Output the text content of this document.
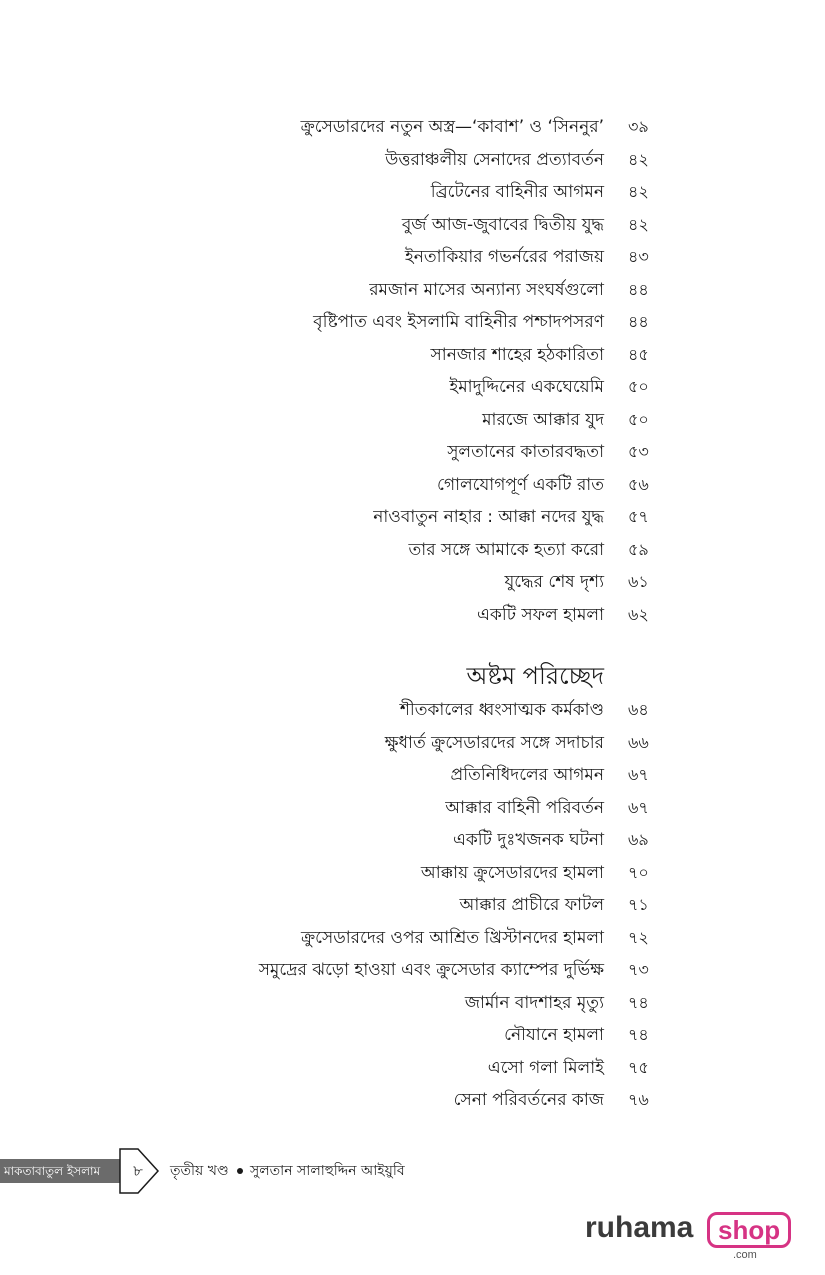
ক্রুসেডারদের নতুন অস্ত্র—‘কাবাশ’ ও ‘সিননুর’ ৩৯
উত্তরাঞ্চলীয় সেনাদের প্রত্যাবর্তন ৪২
ব্রিটেনের বাহিনীর আগমন ৪২
বুর্জ আজ-জুবাবের দ্বিতীয় যুদ্ধ ৪২
ইনতাকিয়ার গভর্নরের পরাজয় ৪৩
রমজান মাসের অন্যান্য সংঘর্ষগুলো ৪৪
বৃষ্টিপাত এবং ইসলামি বাহিনীর পশ্চাদপসরণ ৪৪
সানজার শাহের হঠকারিতা ৪৫
ইমাদুদ্দিনের একঘেয়েমি ৫০
মারজে আক্কার যুদ ৫০
সুলতানের কাতারবদ্ধতা ৫৩
গোলযোগপূর্ণ একটি রাত ৫৬
নাওবাতুন নাহার : আক্কা নদের যুদ্ধ ৫৭
তার সঙ্গে আমাকে হত্যা করো ৫৯
যুদ্ধের শেষ দৃশ্য ৬১
একটি সফল হামলা ৬২
অষ্টম পরিচ্ছেদ
শীতকালের ধ্বংসাত্মক কর্মকাণ্ড ৬৪
ক্ষুধার্ত ক্রুসেডারদের সঙ্গে সদাচার ৬৬
প্রতিনিধিদলের আগমন ৬৭
আক্কার বাহিনী পরিবর্তন ৬৭
একটি দুঃখজনক ঘটনা ৬৯
আক্কায় ক্রুসেডারদের হামলা ৭০
আক্কার প্রাচীরে ফাটল ৭১
ক্রুসেডারদের ওপর আশ্রিত খ্রিস্টানদের হামলা ৭২
সমুদ্রের ঝড়ো হাওয়া এবং ক্রুসেডার ক্যাম্পের দুর্ভিক্ষ ৭৩
জার্মান বাদশাহর মৃত্যু ৭৪
নৌযানে হামলা ৭৪
এসো গলা মিলাই ৭৫
সেনা পরিবর্তনের কাজ ৭৬
মাকতাবাতুল ইসলাম	৮	তৃতীয় খণ্ড সুলতান সালাহুদ্দিন আইয়ুবি
ruhama shop
.com
